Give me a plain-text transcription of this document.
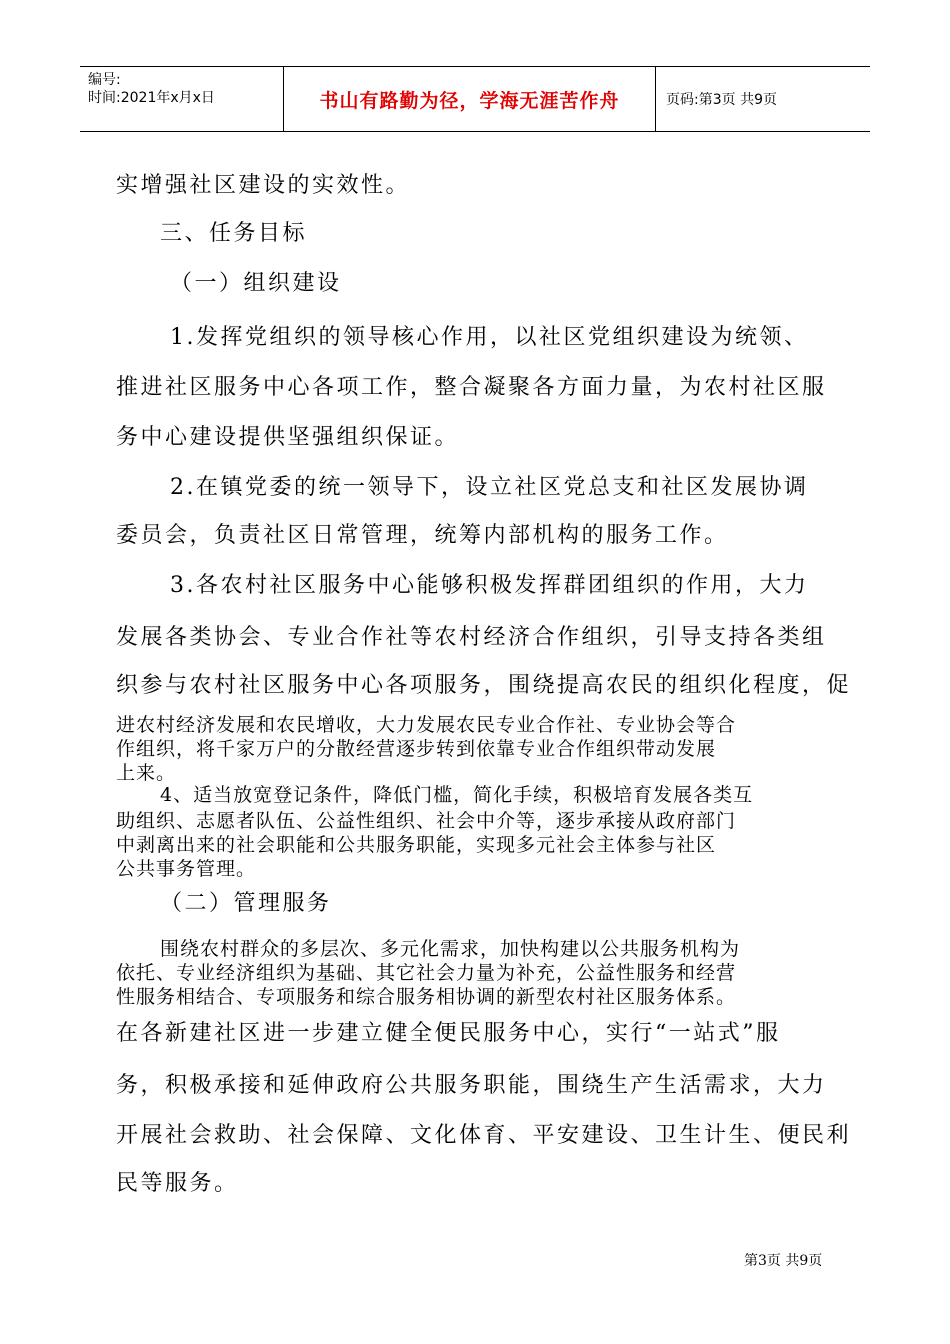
编号:
时间:2021年x月x日	书山有路勤为径，学海无涯苦作舟	页码:第3页 共9页
实增强社区建设的实效性。
三、任务目标
（一）组织建设
1.发挥党组织的领导核心作用，以社区党组织建设为统领、
推进社区服务中心各项工作，整合凝聚各方面力量，为农村社区服
务中心建设提供坚强组织保证。
2.在镇党委的统一领导下，设立社区党总支和社区发展协调
委员会，负责社区日常管理，统筹内部机构的服务工作。
3.各农村社区服务中心能够积极发挥群团组织的作用，大力
发展各类协会、专业合作社等农村经济合作组织，引导支持各类组
织参与农村社区服务中心各项服务，围绕提高农民的组织化程度，促
进农村经济发展和农民增收，大力发展农民专业合作社、专业协会等合
作组织，将千家万户的分散经营逐步转到依靠专业合作组织带动发展
上来。
4、适当放宽登记条件，降低门槛，简化手续，积极培育发展各类互
助组织、志愿者队伍、公益性组织、社会中介等，逐步承接从政府部门
中剥离出来的社会职能和公共服务职能，实现多元社会主体参与社区
公共事务管理。
（二）管理服务
围绕农村群众的多层次、多元化需求，加快构建以公共服务机构为
依托、专业经济组织为基础、其它社会力量为补充，公益性服务和经营
性服务相结合、专项服务和综合服务相协调的新型农村社区服务体系。
在各新建社区进一步建立健全便民服务中心，实行“一站式”服
务，积极承接和延伸政府公共服务职能，围绕生产生活需求，大力
开展社会救助、社会保障、文化体育、平安建设、卫生计生、便民利
民等服务。
第3页 共9页
